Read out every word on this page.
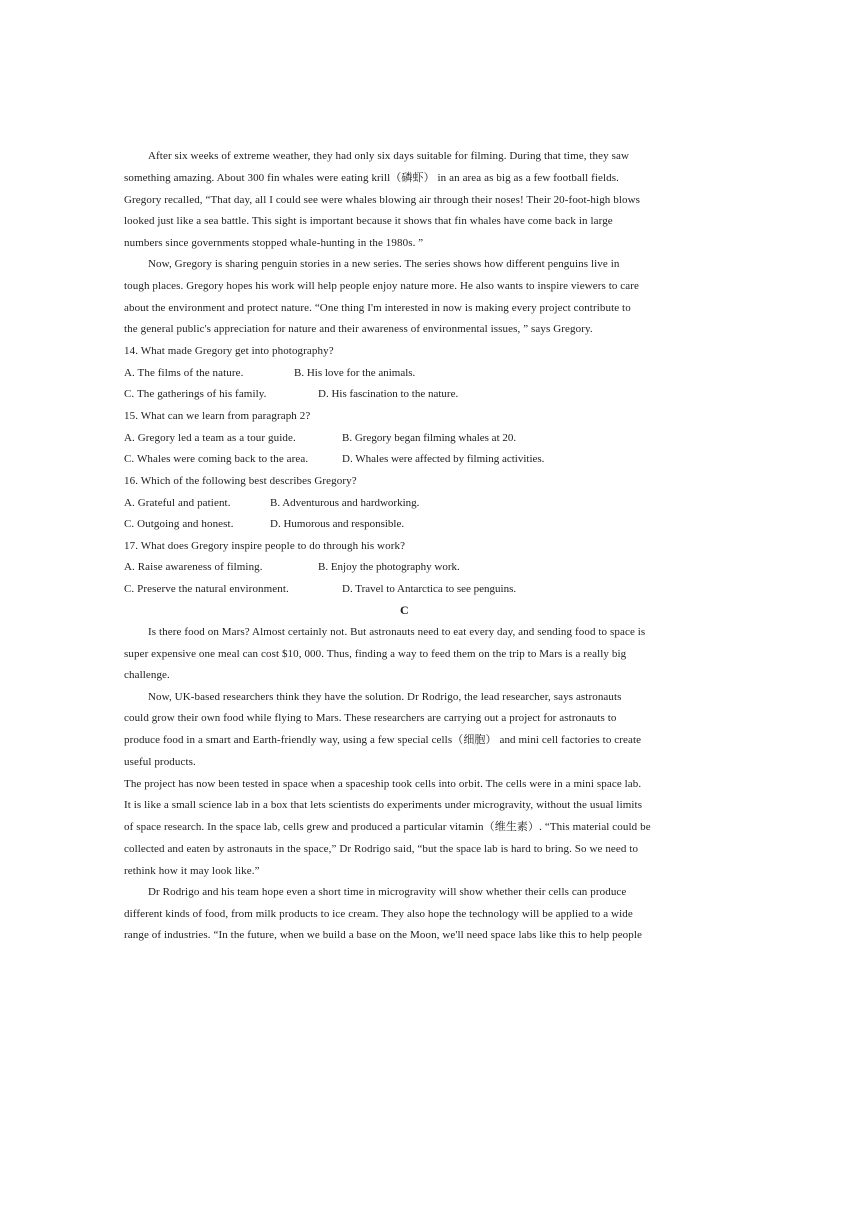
After six weeks of extreme weather, they had only six days suitable for filming. During that time, they saw
something amazing. About 300 fin whales were eating krill（磷虾） in an area as big as a few football fields.
Gregory recalled, “That day, all I could see were whales blowing air through their noses! Their 20-foot-high blows
looked just like a sea battle. This sight is important because it shows that fin whales have come back in large
numbers since governments stopped whale-hunting in the 1980s. ”
Now, Gregory is sharing penguin stories in a new series. The series shows how different penguins live in
tough places. Gregory hopes his work will help people enjoy nature more. He also wants to inspire viewers to care
about the environment and protect nature. “One thing I'm interested in now is making every project contribute to
the general public's appreciation for nature and their awareness of environmental issues, ” says Gregory.
14. What made Gregory get into photography?
A. The films of the nature.	B. His love for the animals.
C. The gatherings of his family.	D. His fascination to the nature.
15. What can we learn from paragraph 2?
A. Gregory led a team as a tour guide.	B. Gregory began filming whales at 20.
C. Whales were coming back to the area.	D. Whales were affected by filming activities.
16. Which of the following best describes Gregory?
A. Grateful and patient.	B. Adventurous and hardworking.
C. Outgoing and honest.	D. Humorous and responsible.
17. What does Gregory inspire people to do through his work?
A. Raise awareness of filming.	B. Enjoy the photography work.
C. Preserve the natural environment.	D. Travel to Antarctica to see penguins.
C
Is there food on Mars? Almost certainly not. But astronauts need to eat every day, and sending food to space is
super expensive one meal can cost $10, 000. Thus, finding a way to feed them on the trip to Mars is a really big
challenge.
Now, UK-based researchers think they have the solution. Dr Rodrigo, the lead researcher, says astronauts
could grow their own food while flying to Mars. These researchers are carrying out a project for astronauts to
produce food in a smart and Earth-friendly way, using a few special cells（细胞） and mini cell factories to create
useful products.
The project has now been tested in space when a spaceship took cells into orbit. The cells were in a mini space lab.
It is like a small science lab in a box that lets scientists do experiments under microgravity, without the usual limits
of space research. In the space lab, cells grew and produced a particular vitamin（维生素）. “This material could be
collected and eaten by astronauts in the space,” Dr Rodrigo said, “but the space lab is hard to bring. So we need to
rethink how it may look like.”
Dr Rodrigo and his team hope even a short time in microgravity will show whether their cells can produce
different kinds of food, from milk products to ice cream. They also hope the technology will be applied to a wide
range of industries. “In the future, when we build a base on the Moon, we'll need space labs like this to help people
